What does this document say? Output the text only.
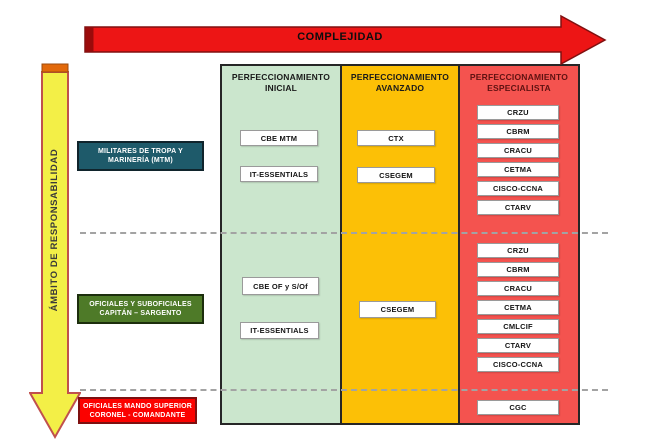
COMPLEJIDAD
ÁMBITO DE RESPONSABILIDAD
PERFECCIONAMIENTO
INICIAL
PERFECCIONAMIENTO
AVANZADO
PERFECCIONAMIENTO
ESPECIALISTA
MILITARES DE TROPA Y
MARINERÍA (MTM)
OFICIALES Y SUBOFICIALES
CAPITÁN – SARGENTO
OFICIALES MANDO SUPERIOR
CORONEL - COMANDANTE
CBE MTM
IT-ESSENTIALS
CTX
CSEGEM
CRZU
CBRM
CRACU
CETMA
CISCO-CCNA
CTARV
CBE OF y S/Of
IT-ESSENTIALS
CSEGEM
CRZU
CBRM
CRACU
CETMA
CMLCIF
CTARV
CISCO-CCNA
CGC
